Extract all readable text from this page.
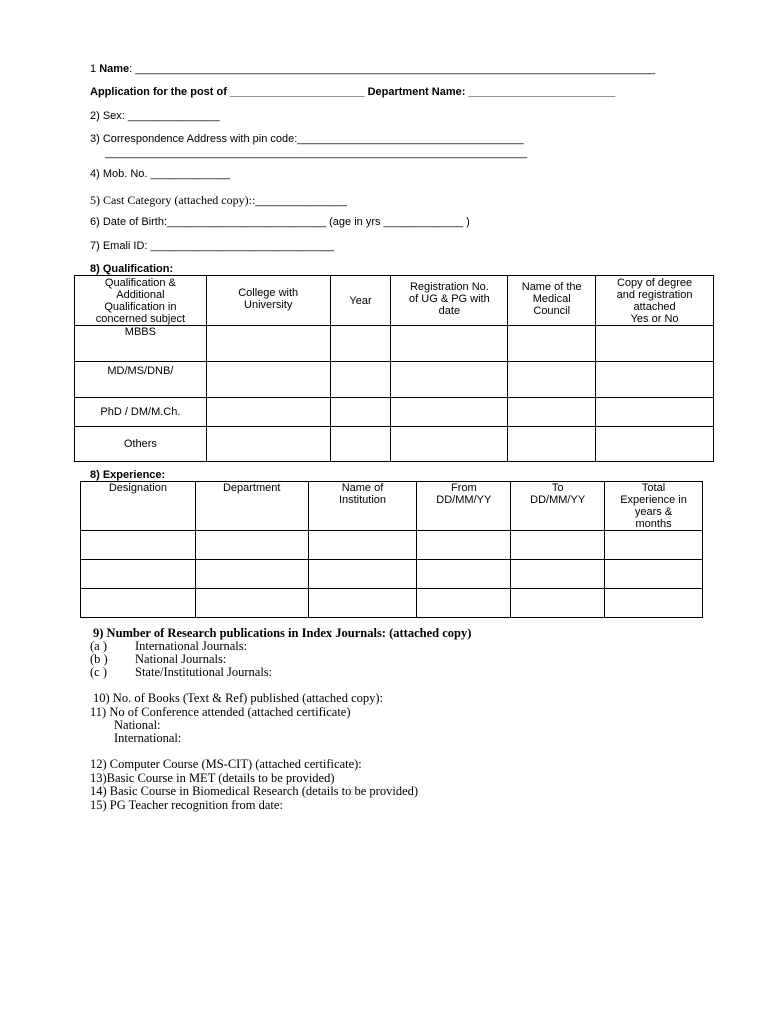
1 Name: _____________________________________________________________________________________
Application for the post of ______________________ Department Name: ________________________
2) Sex: _______________
3) Correspondence Address with pin code:_____________________________________
_____________________________________________________________________
4) Mob. No. _____________
5) Cast Category (attached copy)::_______________
6) Date of Birth:__________________________ (age in yrs _____________ )
7) Emali ID: ______________________________
8) Qualification:
Qualification &
Additional
Qualification in
concerned subject	College with
University	Year	Registration No.
of UG & PG with
date	Name of the
Medical
Council	Copy of degree
and registration
attached
Yes or No
MBBS					
MD/MS/DNB/					
PhD / DM/M.Ch.					
Others					
8) Experience:
Designation	Department	Name of
Institution	From
DD/MM/YY	To
DD/MM/YY	Total
Experience in
years &
months

9) Number of Research publications in Index Journals: (attached copy)
(a ) International Journals:
(b ) National Journals:
(c ) State/Institutional Journals:
10) No. of Books (Text & Ref) published (attached copy):
11) No of Conference attended (attached certificate)
National:
International:
12) Computer Course (MS-CIT) (attached certificate):
13)Basic Course in MET (details to be provided)
14) Basic Course in Biomedical Research (details to be provided)
15) PG Teacher recognition from date:
